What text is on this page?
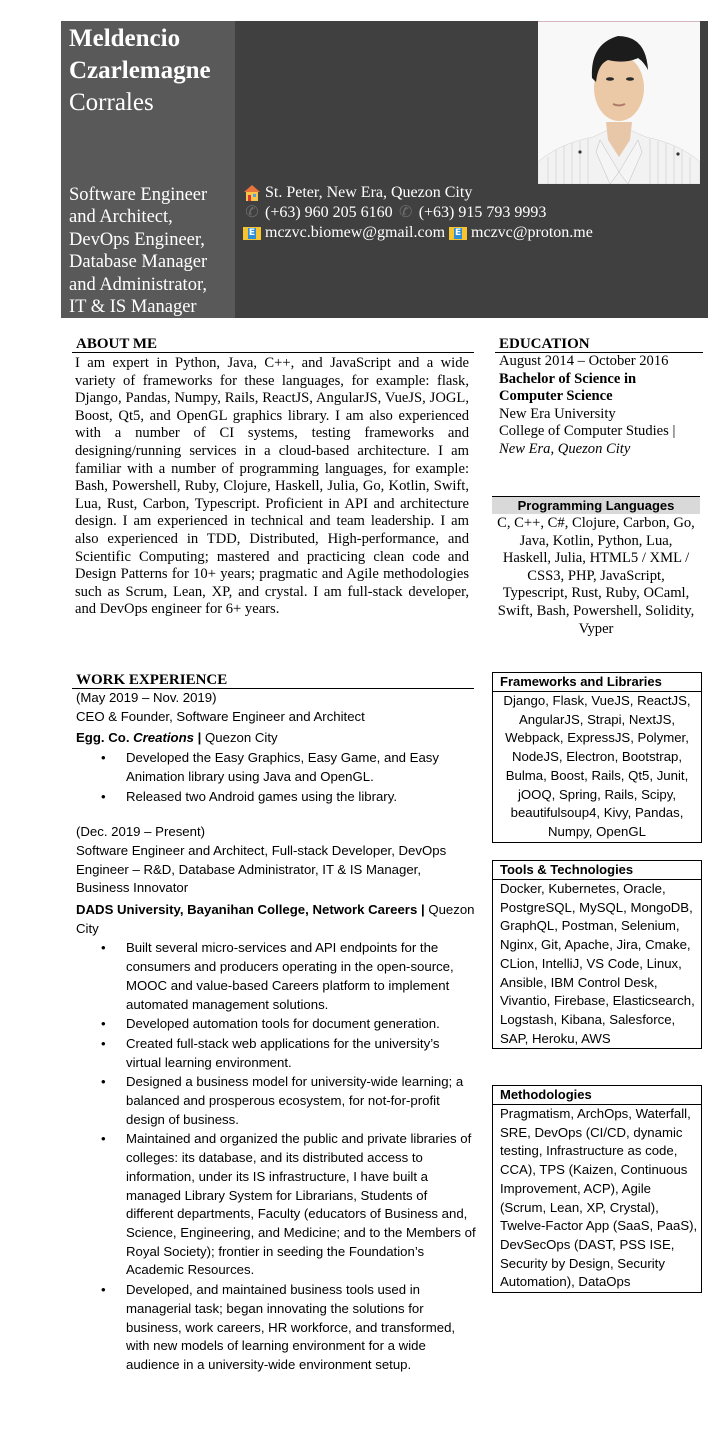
Meldencio
Czarlemagne
Corrales
Software Engineer
and Architect,
DevOps Engineer,
Database Manager
and Administrator,
IT & IS Manager
St. Peter, New Era, Quezon City
✆ (+63) 960 205 6160 ✆ (+63) 915 793 9993
E mczvc.biomew@gmail.com E mczvc@proton.me
ABOUT ME
I am expert in Python, Java, C++, and JavaScript and a wide variety of frameworks for these languages, for example: flask, Django, Pandas, Numpy, Rails, ReactJS, AngularJS, VueJS, JOGL, Boost, Qt5, and OpenGL graphics library. I am also experienced with a number of CI systems, testing frameworks and designing/running services in a cloud-based architecture. I am familiar with a number of programming languages, for example: Bash, Powershell, Ruby, Clojure, Haskell, Julia, Go, Kotlin, Swift, Lua, Rust, Carbon, Typescript. Proficient in API and architecture design. I am experienced in technical and team leadership. I am also experienced in TDD, Distributed, High-performance, and Scientific Computing; mastered and practicing clean code and Design Patterns for 10+ years; pragmatic and Agile methodologies such as Scrum, Lean, XP, and crystal. I am full-stack developer, and DevOps engineer for 6+ years.
EDUCATION
August 2014 – October 2016
Bachelor of Science in
Computer Science
New Era University
College of Computer Studies |
New Era, Quezon City
Programming Languages
C, C++, C#, Clojure, Carbon, Go, Java, Kotlin, Python, Lua, Haskell, Julia, HTML5 / XML / CSS3, PHP, JavaScript, Typescript, Rust, Ruby, OCaml, Swift, Bash, Powershell, Solidity, Vyper
Frameworks and Libraries
Django, Flask, VueJS, ReactJS, AngularJS, Strapi, NextJS, Webpack, ExpressJS, Polymer, NodeJS, Electron, Bootstrap, Bulma, Boost, Rails, Qt5, Junit, jOOQ, Spring, Rails, Scipy, beautifulsoup4, Kivy, Pandas, Numpy, OpenGL
Tools & Technologies
Docker, Kubernetes, Oracle, PostgreSQL, MySQL, MongoDB, GraphQL, Postman, Selenium, Nginx, Git, Apache, Jira, Cmake, CLion, IntelliJ, VS Code, Linux, Ansible, IBM Control Desk, Vivantio, Firebase, Elasticsearch, Logstash, Kibana, Salesforce, SAP, Heroku, AWS
Methodologies
Pragmatism, ArchOps, Waterfall, SRE, DevOps (CI/CD, dynamic testing, Infrastructure as code, CCA), TPS (Kaizen, Continuous Improvement, ACP), Agile (Scrum, Lean, XP, Crystal), Twelve-Factor App (SaaS, PaaS), DevSecOps (DAST, PSS ISE, Security by Design, Security Automation), DataOps
WORK EXPERIENCE
(May 2019 – Nov. 2019)
CEO & Founder, Software Engineer and Architect
Egg. Co. Creations | Quezon City
• Developed the Easy Graphics, Easy Game, and Easy Animation library using Java and OpenGL.
• Released two Android games using the library.
(Dec. 2019 – Present)
Software Engineer and Architect, Full-stack Developer, DevOps Engineer – R&D, Database Administrator, IT & IS Manager, Business Innovator
DADS University, Bayanihan College, Network Careers | Quezon City
• Built several micro-services and API endpoints for the consumers and producers operating in the open-source, MOOC and value-based Careers platform to implement automated management solutions.
• Developed automation tools for document generation.
• Created full-stack web applications for the university’s virtual learning environment.
• Designed a business model for university-wide learning; a balanced and prosperous ecosystem, for not-for-profit design of business.
• Maintained and organized the public and private libraries of colleges: its database, and its distributed access to information, under its IS infrastructure, I have built a managed Library System for Librarians, Students of different departments, Faculty (educators of Business and, Science, Engineering, and Medicine; and to the Members of Royal Society); frontier in seeding the Foundation’s Academic Resources.
• Developed, and maintained business tools used in managerial task; began innovating the solutions for business, work careers, HR workforce, and transformed, with new models of learning environment for a wide audience in a university-wide environment setup.
